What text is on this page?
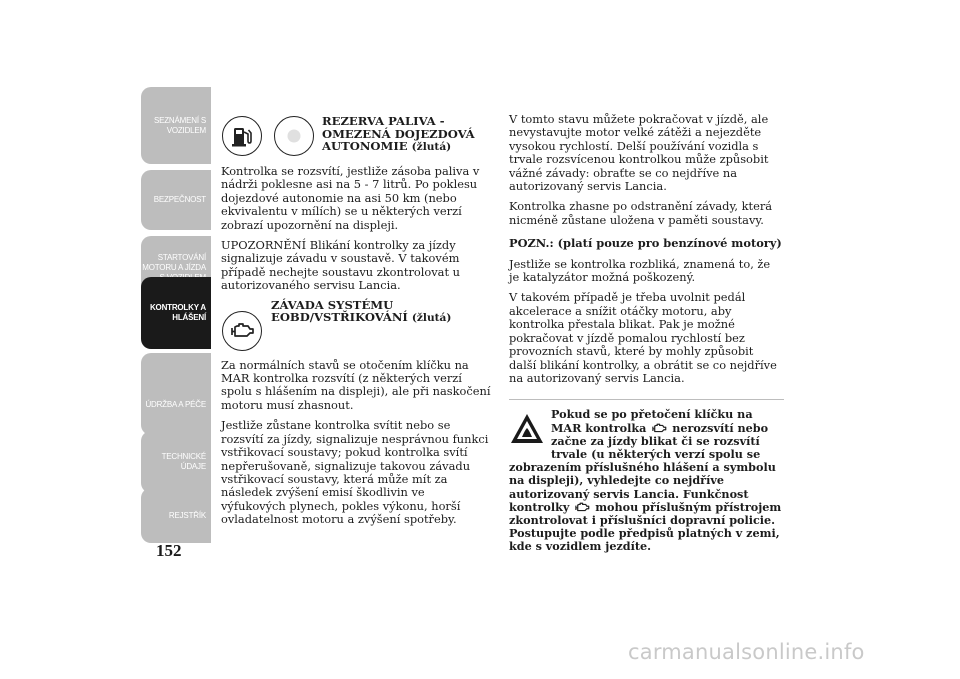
SEZNÁMENÍ S
VOZIDLEM
BEZPEČNOST
STARTOVÁNÍ
MOTORU A JÍZDA
KONTROLKY A
HLÁŠENÍ
ÚDRŽBA A PÉČE
TECHNICKÉ
ÚDAJE
REJSTŘÍK
152
REZERVA PALIVA -
OMEZENÁ DOJEZDOVÁ
AUTONOMIE (žlutá)

Kontrolka se rozsvítí, jestliže zásoba paliva v nádrži poklesne asi na 5 - 7 litrů. Po poklesu dojezdové autonomie na asi 50 km (nebo ekvivalentu v mílích) se u některých verzí zobrazí upozornění na displeji.

UPOZORNĚNÍ Blikání kontrolky za jízdy signalizuje závadu v soustavě. V takovém případě nechejte soustavu zkontrolovat u autorizovaného servisu Lancia.

ZÁVADA SYSTÉMU
EOBD/VSTŘIKOVÁNÍ (žlutá)

Za normálních stavů se otočením klíčku na MAR kontrolka rozsvítí (z některých verzí spolu s hlášením na displeji), ale při naskočení motoru musí zhasnout.

Jestliže zůstane kontrolka svítit nebo se rozsvítí za jízdy, signalizuje nesprávnou funkci vstřikovací soustavy; pokud kontrolka svítí nepřerušovaně, signalizuje takovou závadu vstřikovací soustavy, která může mít za následek zvýšení emisí škodlivin ve výfukových plynech, pokles výkonu, horší ovladatelnost motoru a zvýšení spotřeby.

V tomto stavu můžete pokračovat v jízdě, ale nevystavujte motor velké zátěži a nejezděte vysokou rychlostí. Delší používání vozidla s trvale rozsvícenou kontrolkou může způsobit vážné závady: obraťte se co nejdříve na autorizovaný servis Lancia.

Kontrolka zhasne po odstranění závady, která nicméně zůstane uložena v paměti soustavy.

POZN.: (platí pouze pro benzínové motory)

Jestliže se kontrolka rozbliká, znamená to, že je katalyzátor možná poškozený.

V takovém případě je třeba uvolnit pedál akcelerace a snížit otáčky motoru, aby kontrolka přestala blikat. Pak je možné pokračovat v jízdě pomalou rychlostí bez provozních stavů, které by mohly způsobit další blikání kontrolky, a obrátit se co nejdříve na autorizovaný servis Lancia.

Pokud se po přetočení klíčku na MAR kontrolka nerozsvítí nebo začne za jízdy blikat či se rozsvítí trvale (u některých verzí spolu se zobrazením příslušného hlášení a symbolu na displeji), vyhledejte co nejdříve autorizovaný servis Lancia. Funkčnost kontrolky mohou příslušným přístrojem zkontrolovat i příslušníci dopravní policie. Postupujte podle předpisů platných v zemi, kde s vozidlem jezdíte.
carmanualsonline.info
